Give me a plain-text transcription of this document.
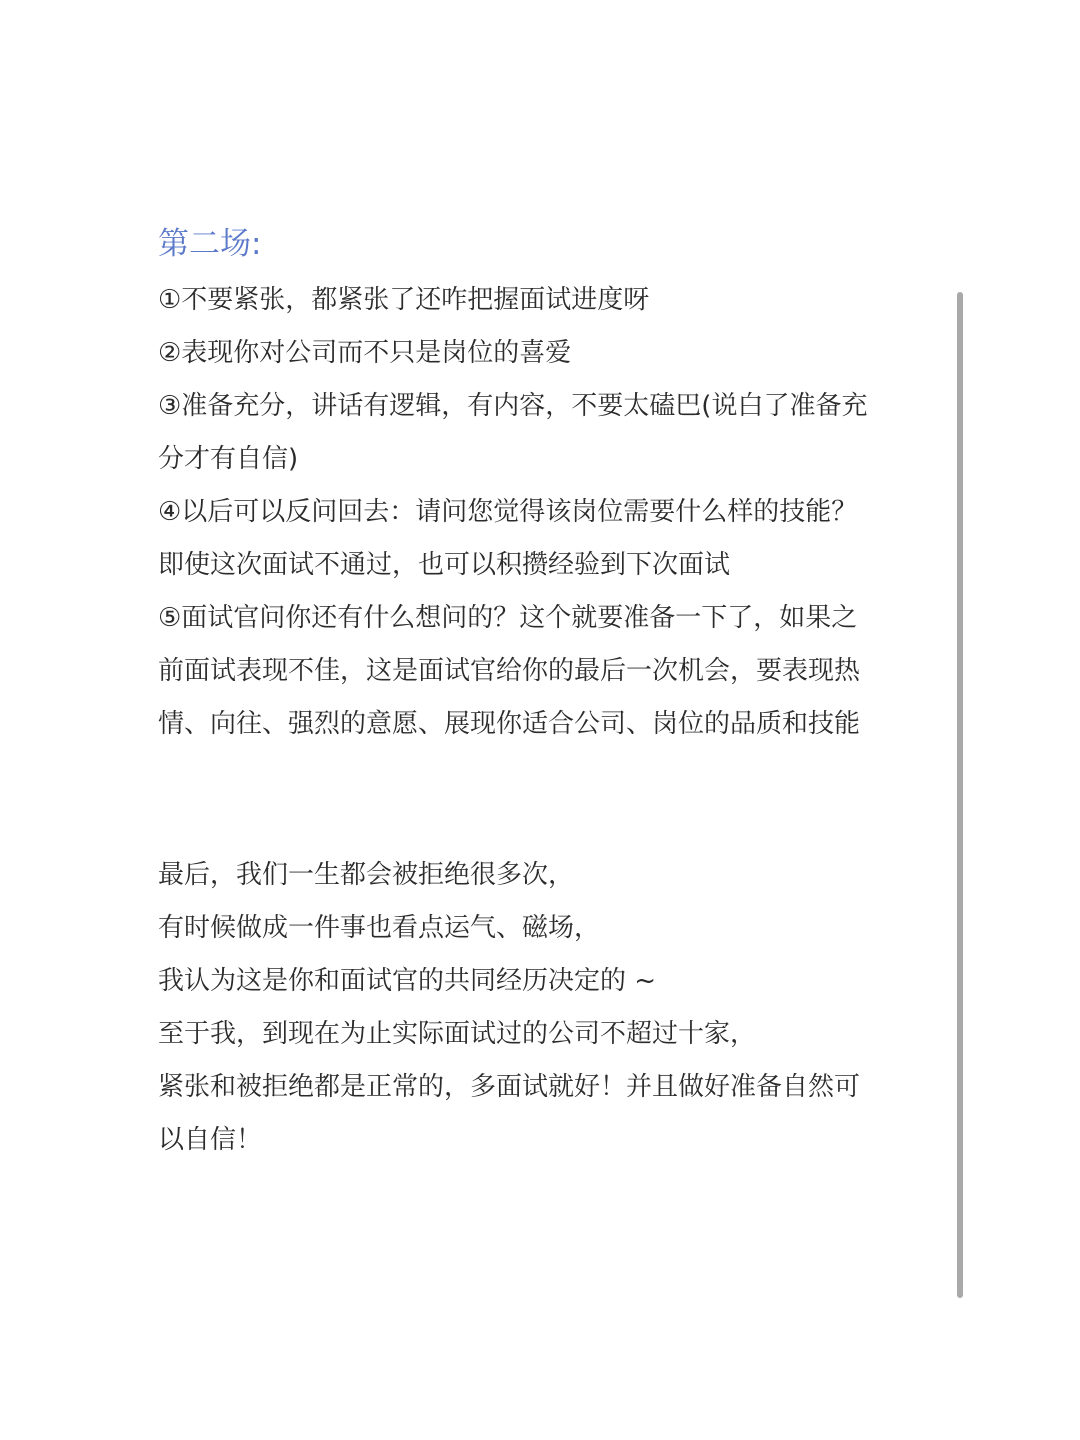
第二场:
①不要紧张，都紧张了还咋把握面试进度呀
②表现你对公司而不只是岗位的喜爱
③准备充分，讲话有逻辑，有内容，不要太磕巴(说白了准备充
分才有自信)
④以后可以反问回去：请问您觉得该岗位需要什么样的技能？
即使这次面试不通过，也可以积攒经验到下次面试
⑤面试官问你还有什么想问的？这个就要准备一下了，如果之
前面试表现不佳，这是面试官给你的最后一次机会，要表现热
情、向往、强烈的意愿、展现你适合公司、岗位的品质和技能
最后，我们一生都会被拒绝很多次，
有时候做成一件事也看点运气、磁场，
我认为这是你和面试官的共同经历决定的 ~
至于我，到现在为止实际面试过的公司不超过十家，
紧张和被拒绝都是正常的，多面试就好！并且做好准备自然可
以自信！
